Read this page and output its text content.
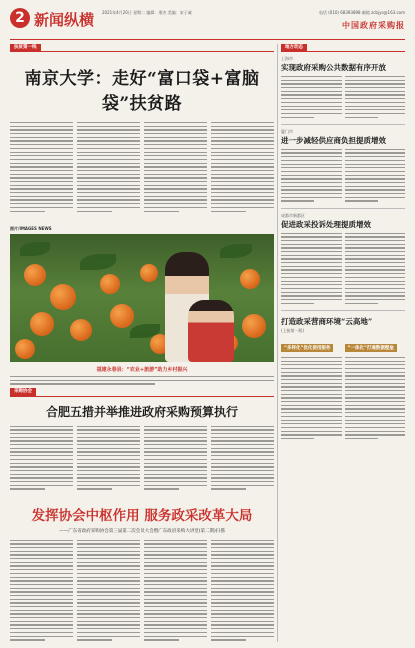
2 新闻纵横 2021年4月20日 星期二 编辑：邢杰 美编：宋子诚	电话 (010) 68393898 邮箱 zcbjys@163.com
中国政府采购报
扶贫第一线
南京大学：走好“富口袋+富脑袋”扶贫路
图片/IMAGES NEWS
福建永春县：“农业+旅游”助力乡村振兴
采购协会
合肥五措并举推进政府采购预算执行
发挥协会中枢作用 服务政采改革大局
——广东省政府采购协会第三届第二次会员大会暨广东政府采购大讲堂(第二期)扫描
地方动态
上海市
实现政府采购公共数据有序开放
厦门市
进一步减轻供应商负担提质增效
成都市新都区
促进政采投诉处理提质增效
打造政采营商环境“云高地”
(上接第一版)
“多样化”优化使用服务	“一体化”打通数据壁垒
